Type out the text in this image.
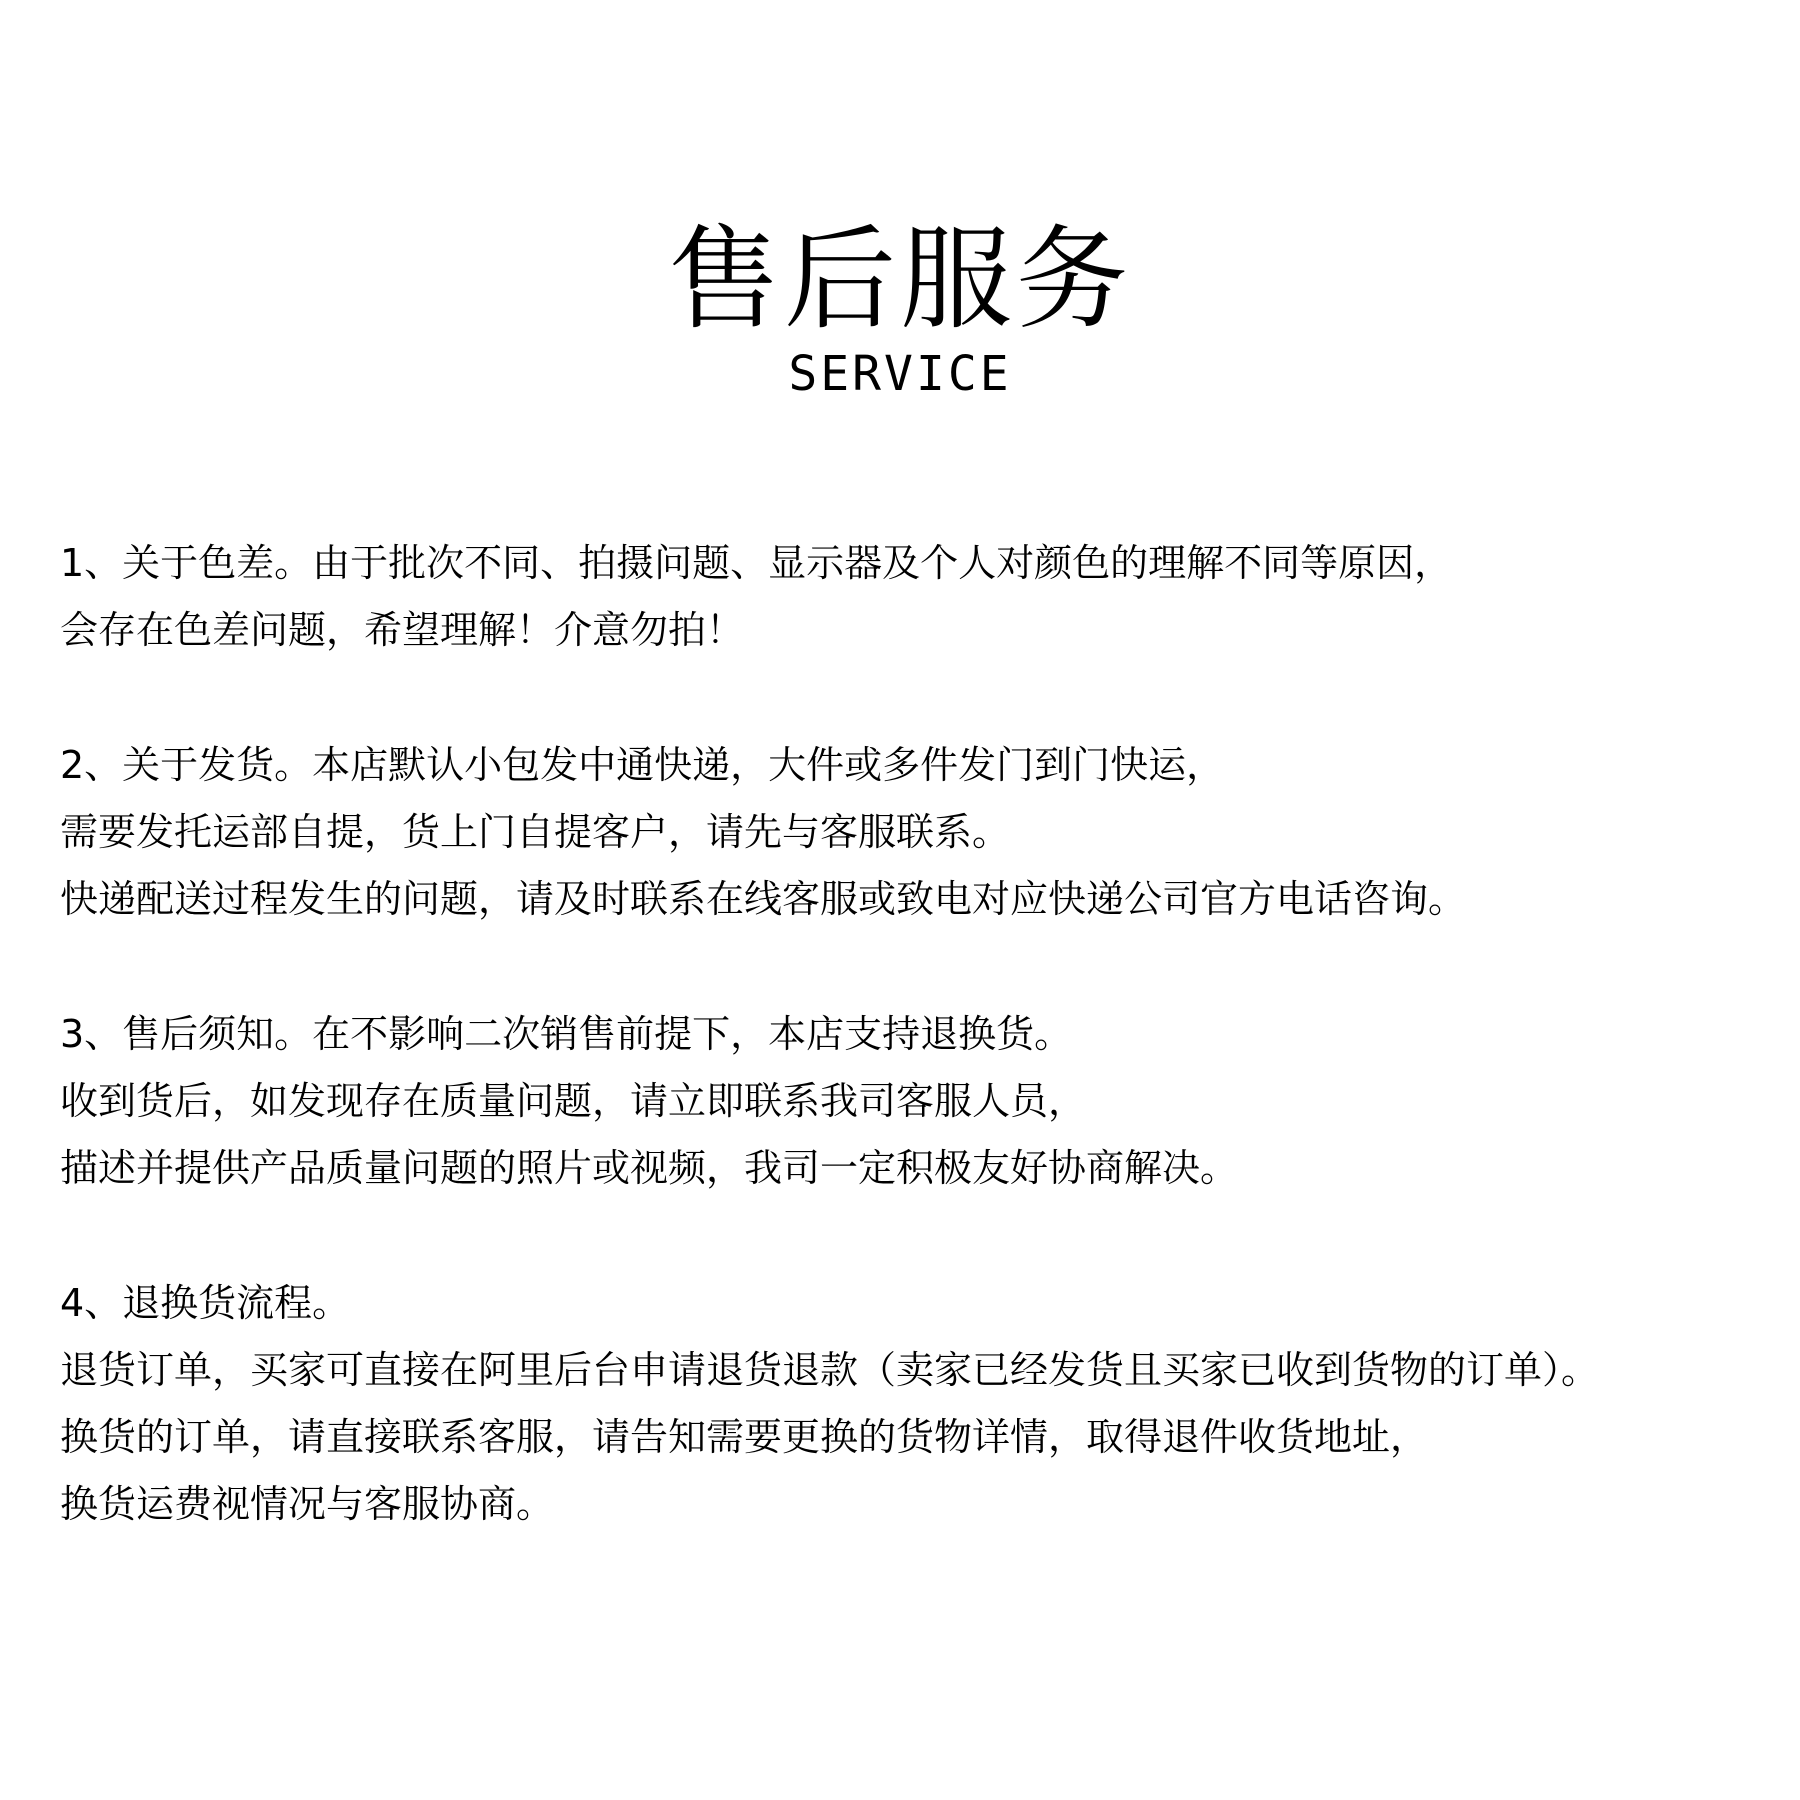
售后服务
SERVICE

1、关于色差。由于批次不同、拍摄问题、显示器及个人对颜色的理解不同等原因，

会存在色差问题，希望理解！介意勿拍！

2、关于发货。本店默认小包发中通快递，大件或多件发门到门快运，

需要发托运部自提，货上门自提客户，请先与客服联系。

快递配送过程发生的问题，请及时联系在线客服或致电对应快递公司官方电话咨询。

3、售后须知。在不影响二次销售前提下，本店支持退换货。

收到货后，如发现存在质量问题，请立即联系我司客服人员，

描述并提供产品质量问题的照片或视频，我司一定积极友好协商解决。

4、退换货流程。

退货订单，买家可直接在阿里后台申请退货退款（卖家已经发货且买家已收到货物的订单）。

换货的订单，请直接联系客服，请告知需要更换的货物详情，取得退件收货地址，

换货运费视情况与客服协商。
